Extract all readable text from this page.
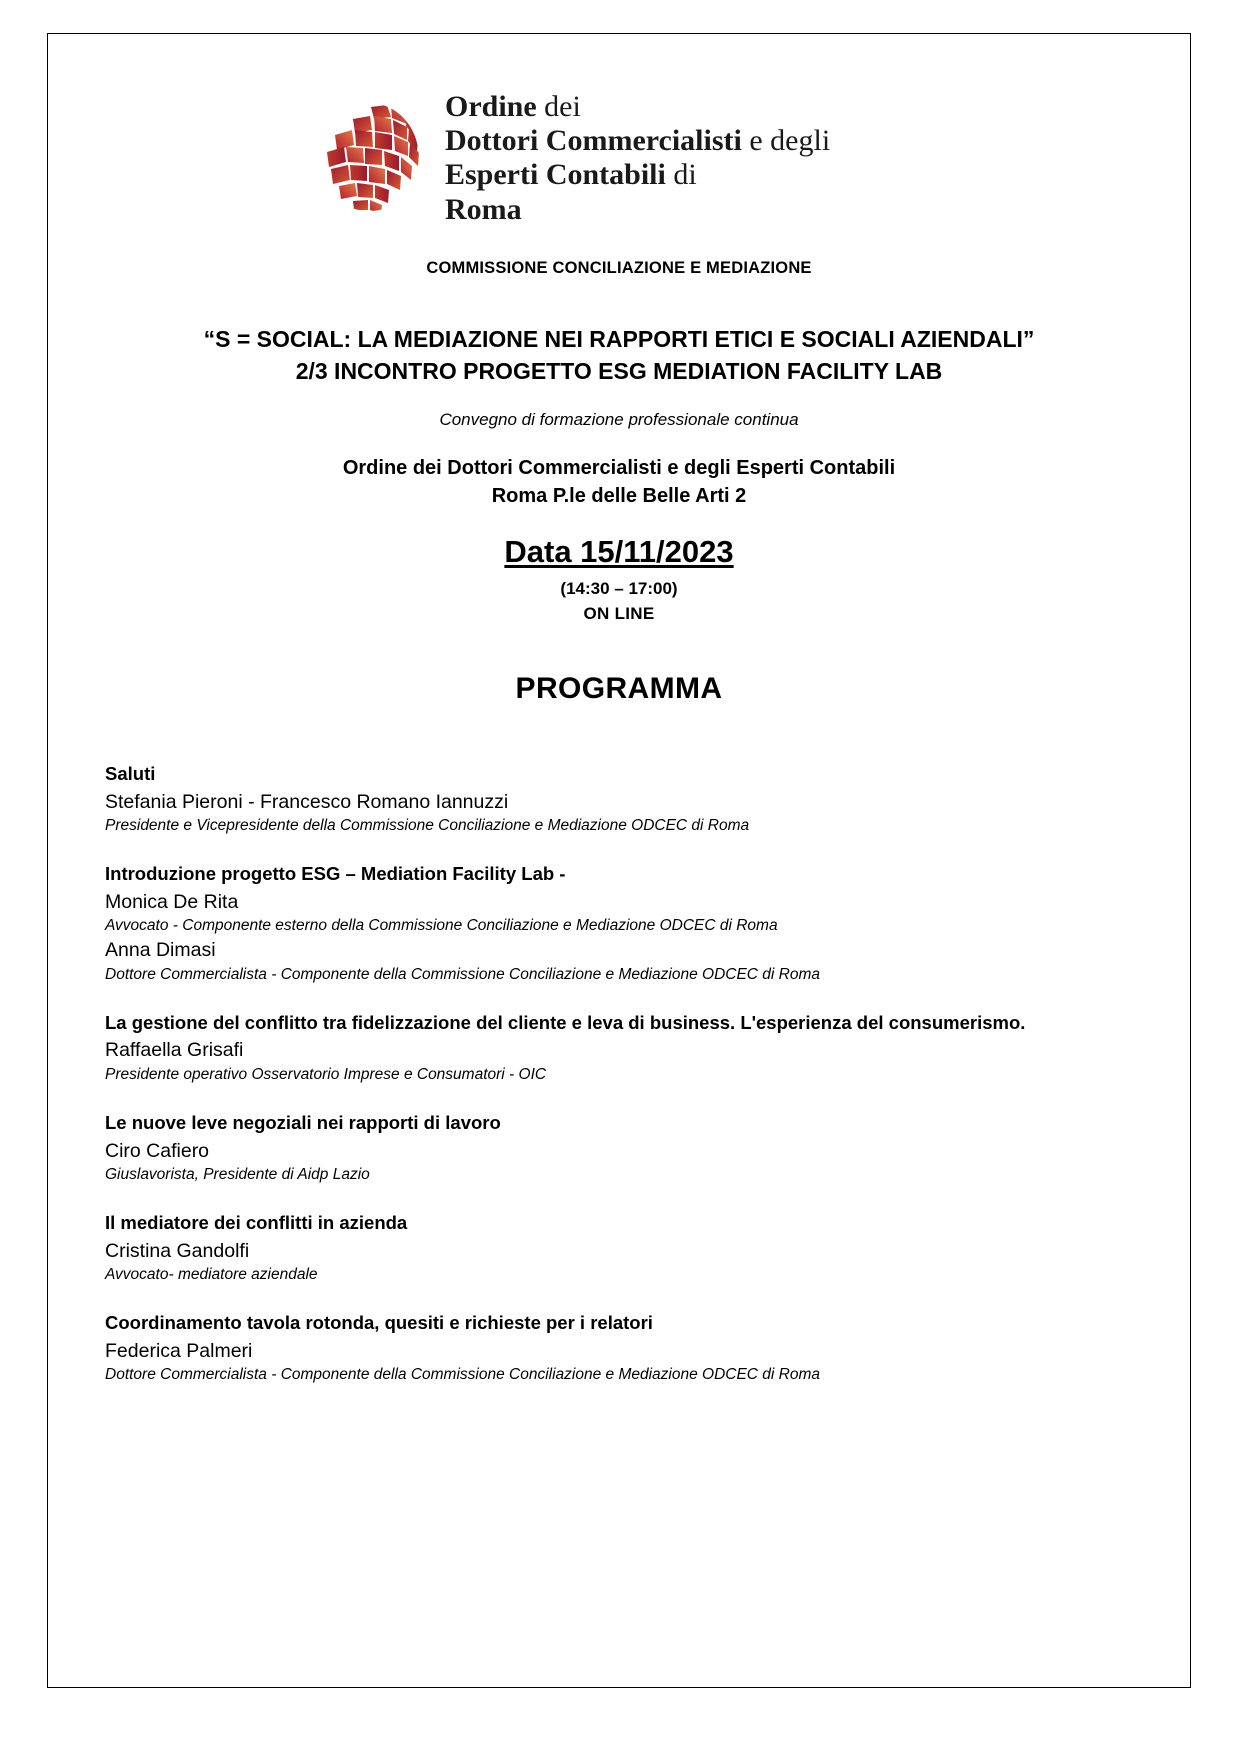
Ordine dei
Dottori Commercialisti e degli
Esperti Contabili di
Roma
COMMISSIONE CONCILIAZIONE E MEDIAZIONE
“S = SOCIAL: LA MEDIAZIONE NEI RAPPORTI ETICI E SOCIALI AZIENDALI”
2/3 INCONTRO PROGETTO ESG MEDIATION FACILITY LAB
Convegno di formazione professionale continua
Ordine dei Dottori Commercialisti e degli Esperti Contabili
Roma P.le delle Belle Arti 2
Data 15/11/2023
(14:30 – 17:00)
ON LINE
PROGRAMMA
Saluti
Stefania Pieroni - Francesco Romano Iannuzzi
Presidente e Vicepresidente della Commissione Conciliazione e Mediazione ODCEC di Roma
Introduzione progetto ESG – Mediation Facility Lab -
Monica De Rita
Avvocato - Componente esterno della Commissione Conciliazione e Mediazione ODCEC di Roma
Anna Dimasi
Dottore Commercialista - Componente della Commissione Conciliazione e Mediazione ODCEC di Roma
La gestione del conflitto tra fidelizzazione del cliente e leva di business. L'esperienza del consumerismo.
Raffaella Grisafi
Presidente operativo Osservatorio Imprese e Consumatori - OIC
Le nuove leve negoziali nei rapporti di lavoro
Ciro Cafiero
Giuslavorista, Presidente di Aidp Lazio
Il mediatore dei conflitti in azienda
Cristina Gandolfi
Avvocato- mediatore aziendale
Coordinamento tavola rotonda, quesiti e richieste per i relatori
Federica Palmeri
Dottore Commercialista - Componente della Commissione Conciliazione e Mediazione ODCEC di Roma
